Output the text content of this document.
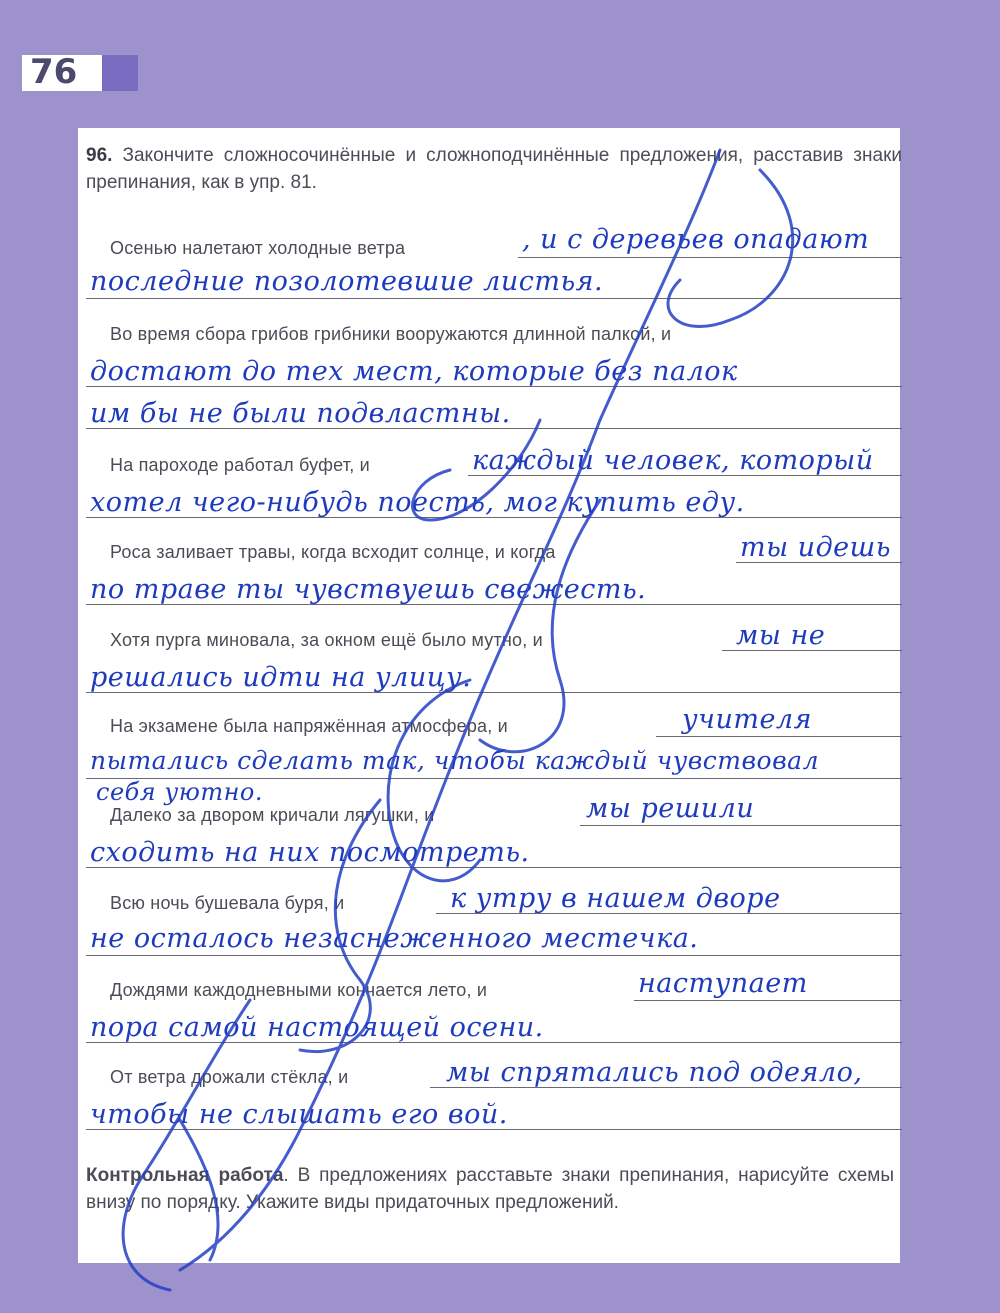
76
96. Закончите сложносочинённые и сложноподчинённые предложения, расставив знаки препинания, как в упр. 81.
Осенью налетают холодные ветра	, и с деревьев опадают
последние позолотевшие листья.
Во время сбора грибов грибники вооружаются длинной палкой, и
достают до тех мест, которые без палок
им бы не были подвластны.
На пароходе работал буфет, и	каждый человек, который
хотел чего-нибудь поесть, мог купить еду.
Роса заливает травы, когда всходит солнце, и когда	ты идешь
по траве ты чувствуешь свежесть.
Хотя пурга миновала, за окном ещё было мутно, и	мы не
решались идти на улицу.
На экзамене была напряжённая атмосфера, и	учителя
пытались сделать так, чтобы каждый чувствовал
себя уютно.
Далеко за двором кричали лягушки, и	мы решили
сходить на них посмотреть.
Всю ночь бушевала буря, и	к утру в нашем дворе
не осталось незаснеженного местечка.
Дождями каждодневными кончается лето, и	наступает
пора самой настоящей осени.
От ветра дрожали стёкла, и	мы спрятались под одеяло,
чтобы не слышать его вой.
Контрольная работа. В предложениях расставьте знаки препинания, нарисуйте схемы внизу по порядку. Укажите виды придаточных предложений.
